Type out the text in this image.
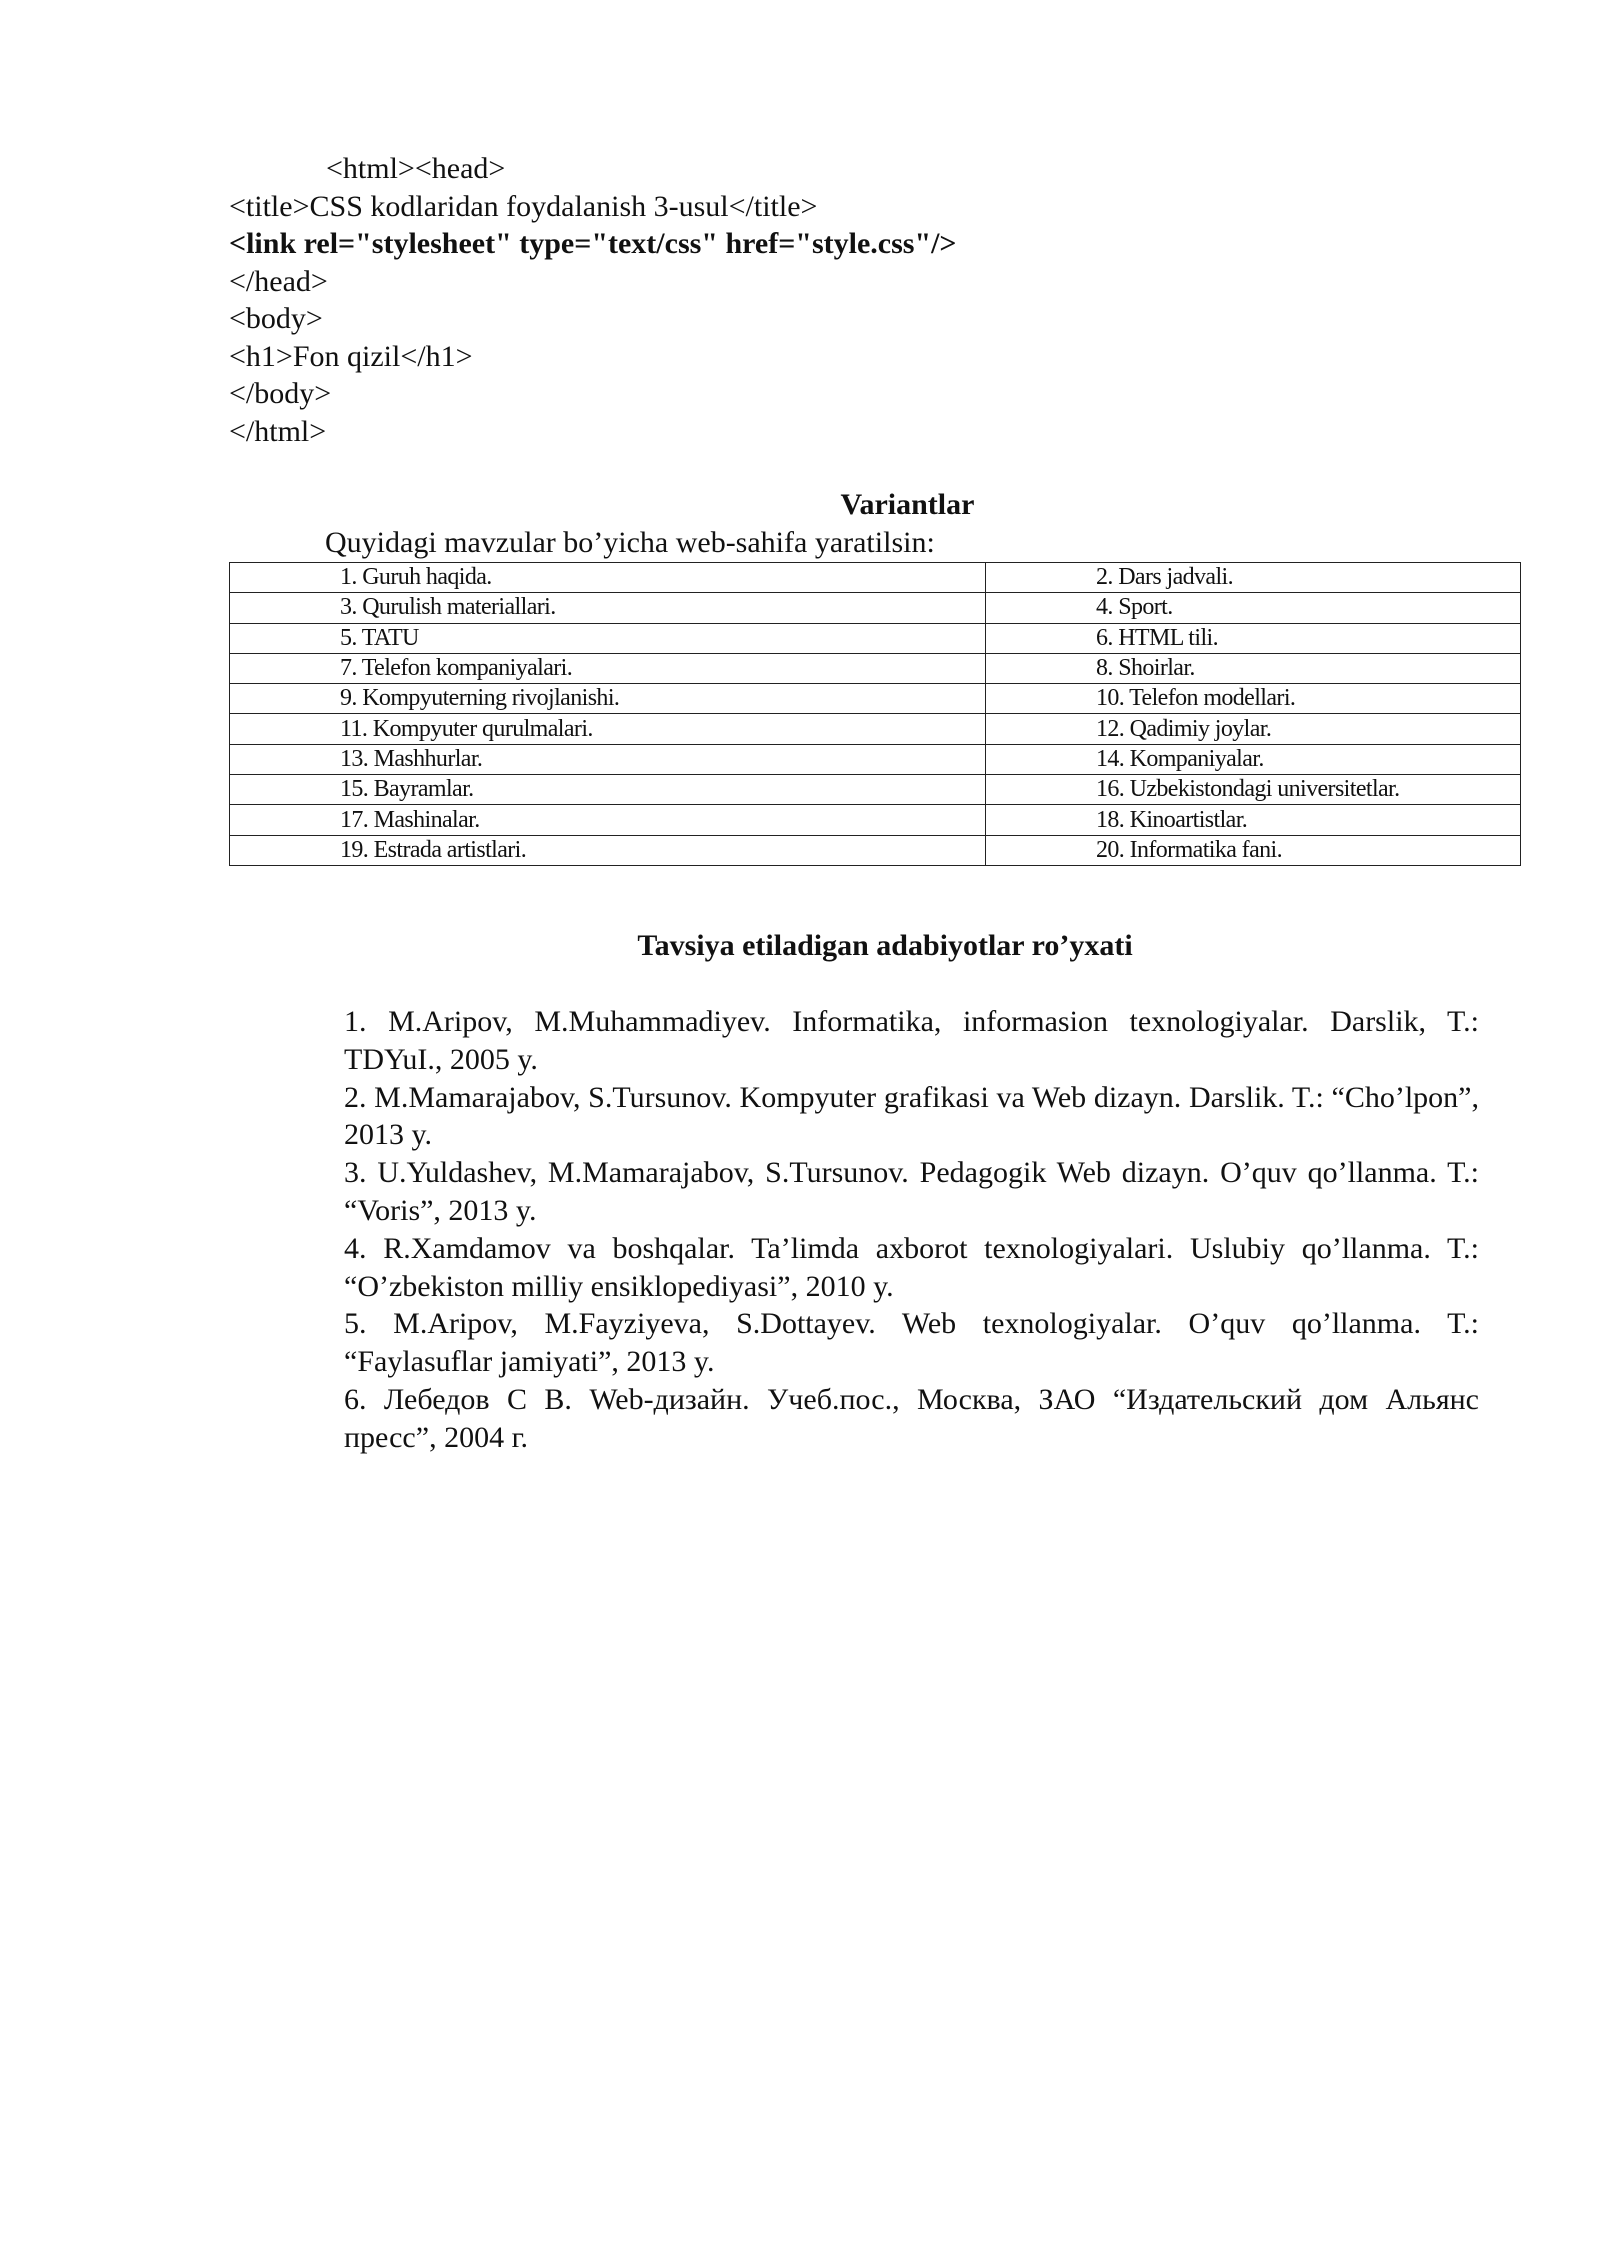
<html><head>
<title>CSS kodlaridan foydalanish 3-usul</title>
<link rel="stylesheet" type="text/css" href="style.css"/>
</head>
<body>
<h1>Fon qizil</h1>
</body>
</html>
Variantlar
Quyidagi mavzular bo’yicha web-sahifa yaratilsin:
1. Guruh haqida.	2. Dars jadvali.
3. Qurulish materiallari.	4. Sport.
5. TATU	6. HTML tili.
7. Telefon kompaniyalari.	8. Shoirlar.
9. Kompyuterning rivojlanishi.	10. Telefon modellari.
11. Kompyuter qurulmalari.	12. Qadimiy joylar.
13. Mashhurlar.	14. Kompaniyalar.
15. Bayramlar.	16. Uzbekistondagi universitetlar.
17. Mashinalar.	18. Kinoartistlar.
19. Estrada artistlari.	20. Informatika fani.
Tavsiya etiladigan adabiyotlar ro’yxati

1. M.Aripov, M.Muhammadiyev. Informatika, informasion texnologiyalar. Darslik, T.: TDYuI., 2005 y.

2. M.Mamarajabov, S.Tursunov. Kompyuter grafikasi va Web dizayn. Darslik. T.: “Cho’lpon”, 2013 y.

3. U.Yuldashev, M.Mamarajabov, S.Tursunov. Pedagogik Web dizayn. O’quv qo’llanma. T.: “Voris”, 2013 y.

4. R.Xamdamov va boshqalar. Ta’limda axborot texnologiyalari. Uslubiy qo’llanma. T.: “O’zbekiston milliy ensiklopediyasi”, 2010 y.

5. M.Aripov, M.Fayziyeva, S.Dottayev. Web texnologiyalar. O’quv qo’llanma. T.: “Faylasuflar jamiyati”, 2013 y.

6. Лебедов С В. Web-дизайн. Учеб.пос., Москва, ЗАО “Издательский дом Альянс пресс”, 2004 г.
